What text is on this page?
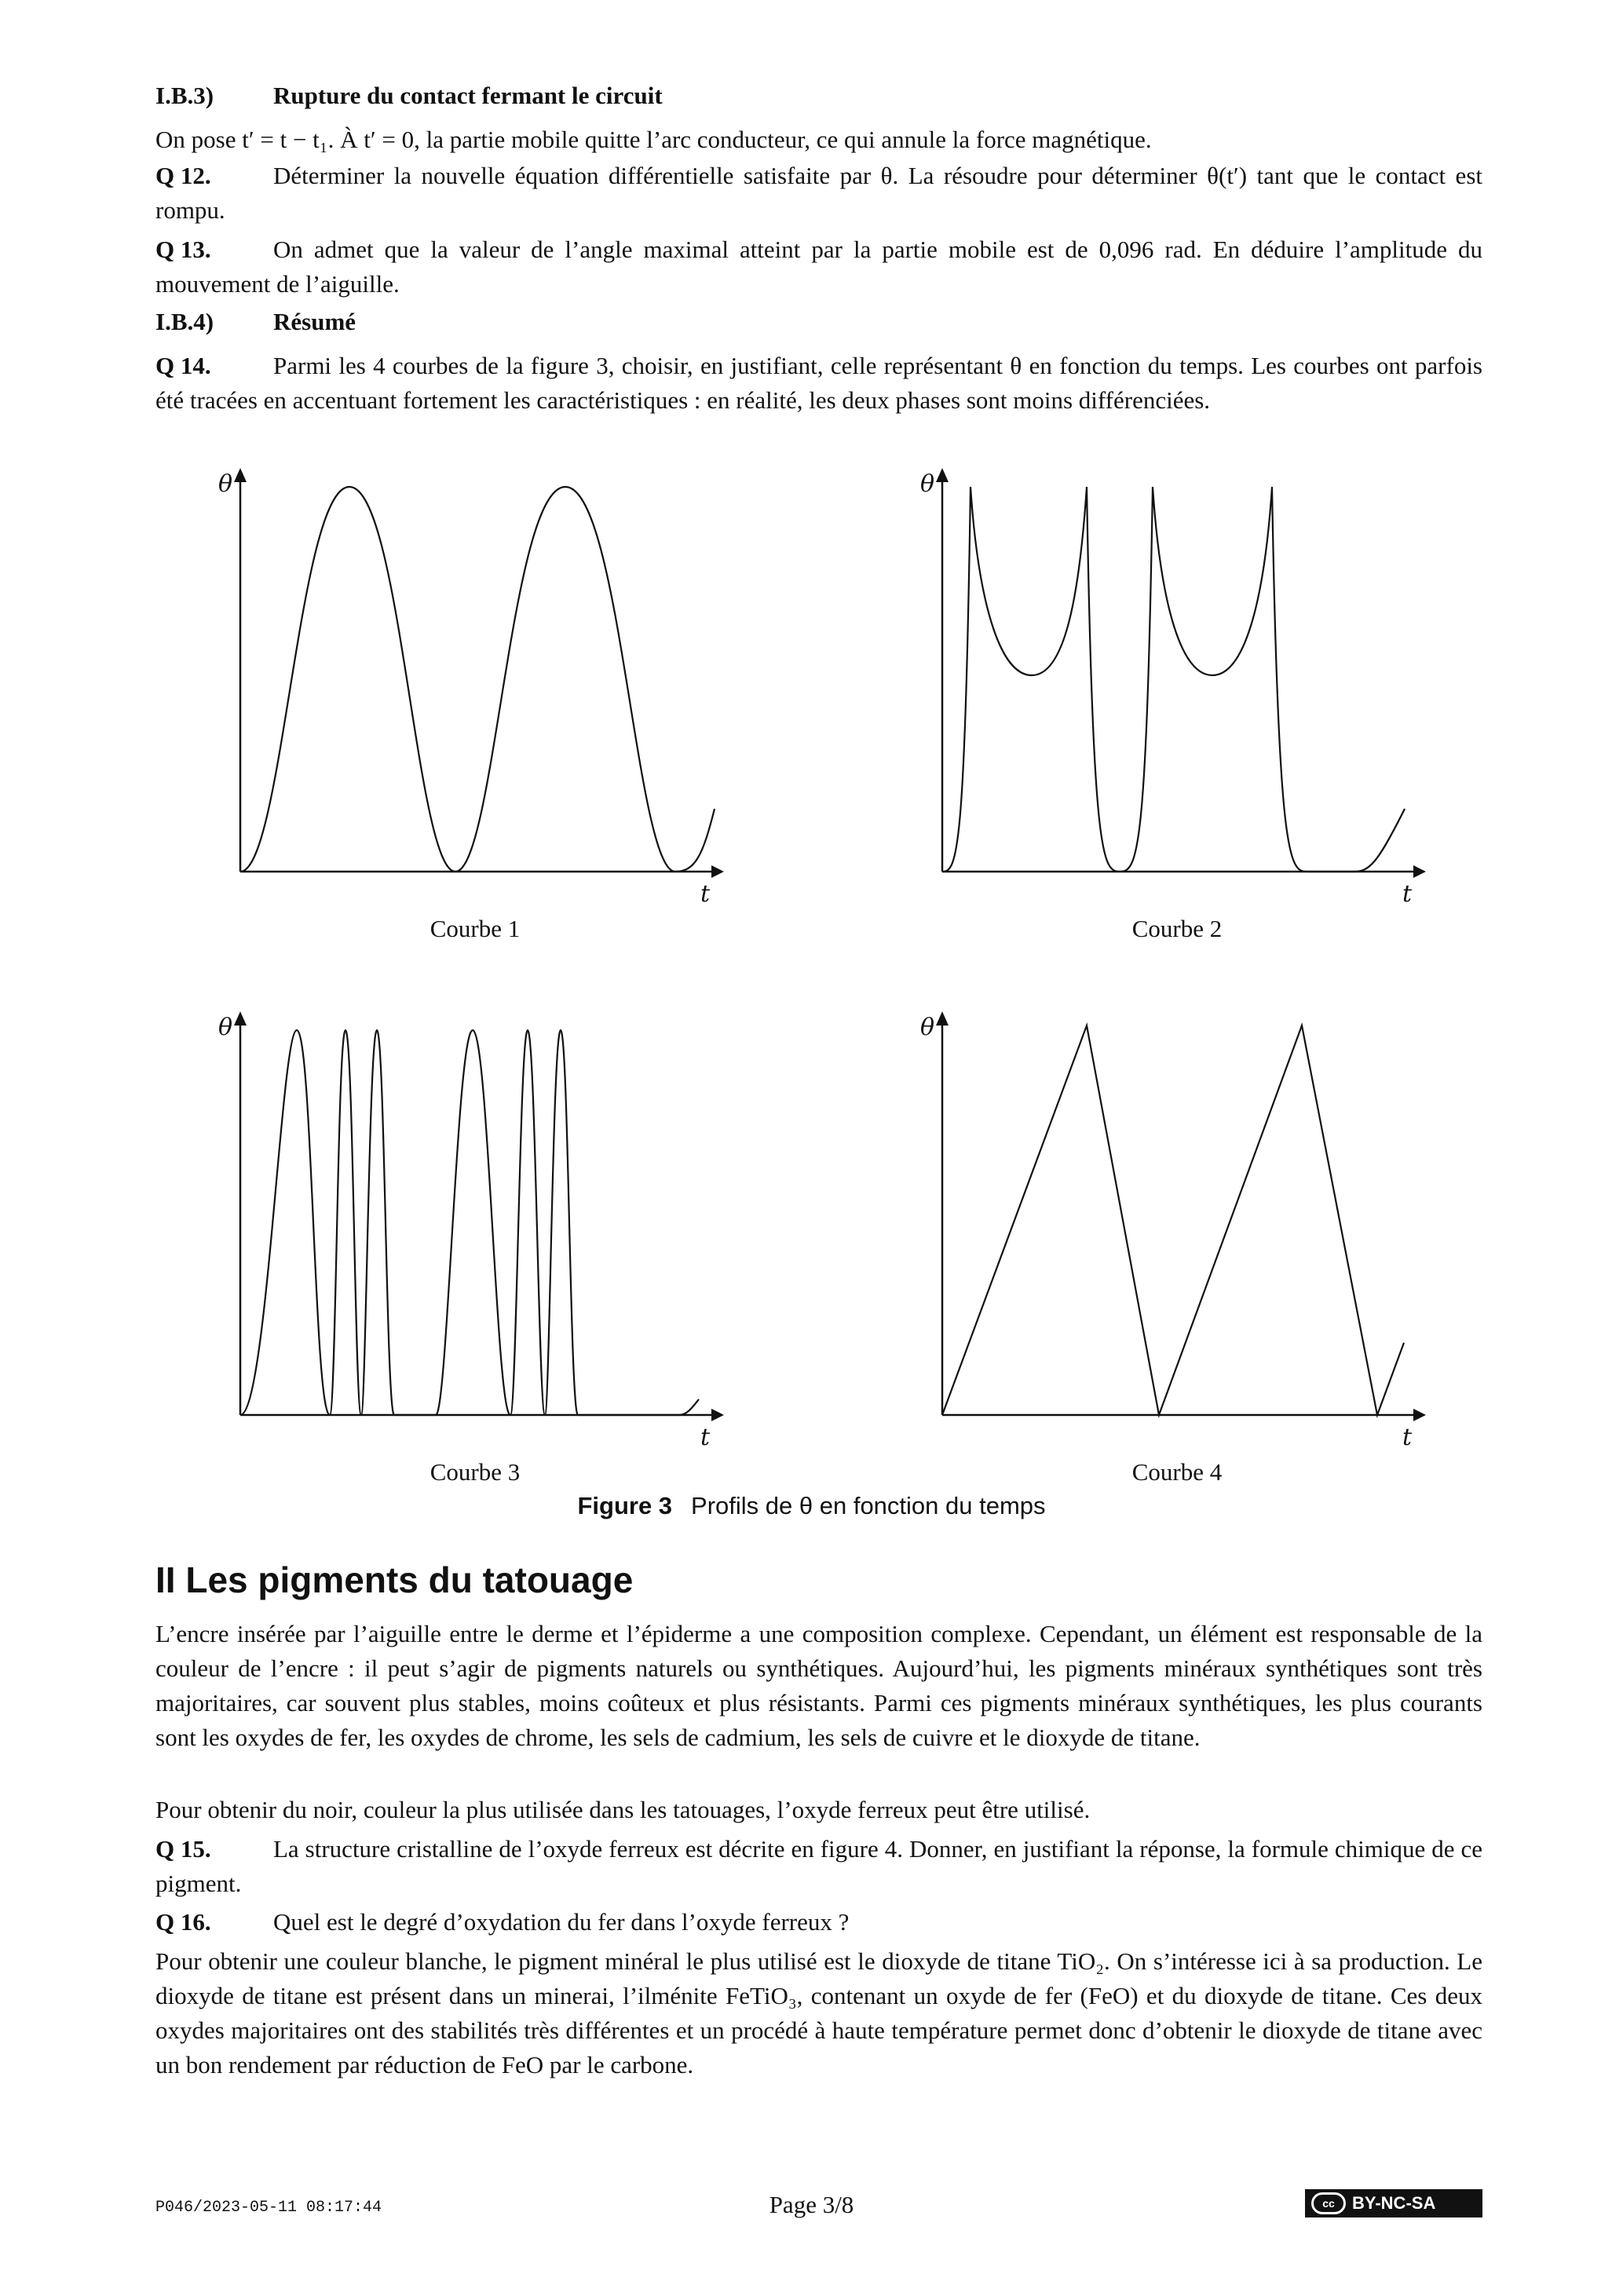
I.B.3) Rupture du contact fermant le circuit
On pose t′ = t − t₁. À t′ = 0, la partie mobile quitte l’arc conducteur, ce qui annule la force magnétique.
Q 12.	Déterminer la nouvelle équation différentielle satisfaite par θ. La résoudre pour déterminer θ(t′) tant que le contact est rompu.
Q 13.	On admet que la valeur de l’angle maximal atteint par la partie mobile est de 0,096 rad. En déduire l’amplitude du mouvement de l’aiguille.
I.B.4) Résumé
Q 14.	Parmi les 4 courbes de la figure 3, choisir, en justifiant, celle représentant θ en fonction du temps. Les courbes ont parfois été tracées en accentuant fortement les caractéristiques : en réalité, les deux phases sont moins différenciées.
θ
t
Courbe 1
θ
t
Courbe 2
θ
t
Courbe 3
θ
t
Courbe 4
Figure 3 Profils de θ en fonction du temps
II Les pigments du tatouage
L’encre insérée par l’aiguille entre le derme et l’épiderme a une composition complexe. Cependant, un élément est responsable de la couleur de l’encre : il peut s’agir de pigments naturels ou synthétiques. Aujourd’hui, les pigments minéraux synthétiques sont très majoritaires, car souvent plus stables, moins coûteux et plus résistants. Parmi ces pigments minéraux synthétiques, les plus courants sont les oxydes de fer, les oxydes de chrome, les sels de cadmium, les sels de cuivre et le dioxyde de titane.
Pour obtenir du noir, couleur la plus utilisée dans les tatouages, l’oxyde ferreux peut être utilisé.
Q 15.	La structure cristalline de l’oxyde ferreux est décrite en figure 4. Donner, en justifiant la réponse, la formule chimique de ce pigment.
Q 16.	Quel est le degré d’oxydation du fer dans l’oxyde ferreux ?
Pour obtenir une couleur blanche, le pigment minéral le plus utilisé est le dioxyde de titane TiO₂. On s’intéresse ici à sa production. Le dioxyde de titane est présent dans un minerai, l’ilménite FeTiO₃, contenant un oxyde de fer (FeO) et du dioxyde de titane. Ces deux oxydes majoritaires ont des stabilités très différentes et un procédé à haute température permet donc d’obtenir le dioxyde de titane avec un bon rendement par réduction de FeO par le carbone.
P046/2023-05-11 08:17:44	Page 3/8	cc	BY-NC-SA
